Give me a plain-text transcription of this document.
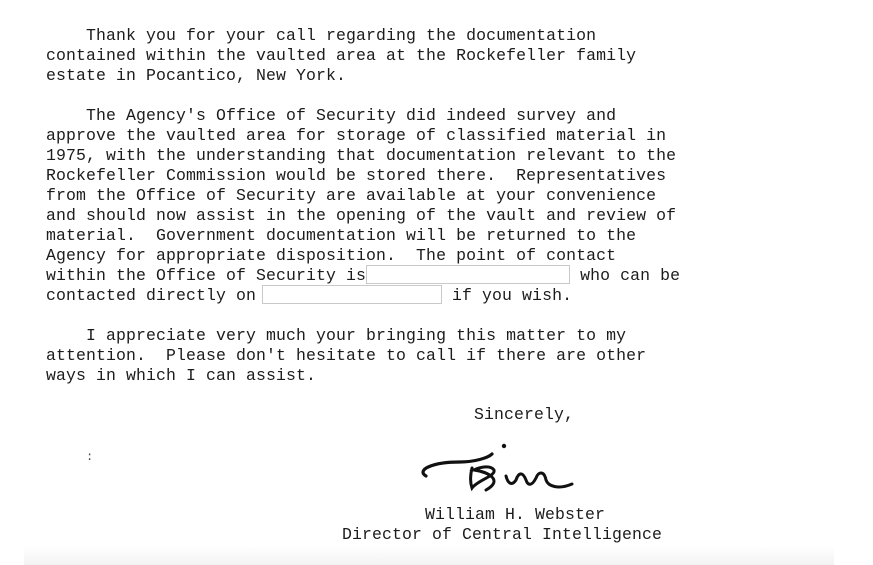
Thank you for your call regarding the documentation
contained within the vaulted area at the Rockefeller family
estate in Pocantico, New York.
The Agency's Office of Security did indeed survey and
approve the vaulted area for storage of classified material in
1975, with the understanding that documentation relevant to the
Rockefeller Commission would be stored there.  Representatives
from the Office of Security are available at your convenience
and should now assist in the opening of the vault and review of
material.  Government documentation will be returned to the
Agency for appropriate disposition.  The point of contact
within the Office of Security is	who can be
contacted directly on	if you wish.
I appreciate very much your bringing this matter to my
attention.  Please don't hesitate to call if there are other
ways in which I can assist.
Sincerely,
:
William H. Webster
Director of Central Intelligence
